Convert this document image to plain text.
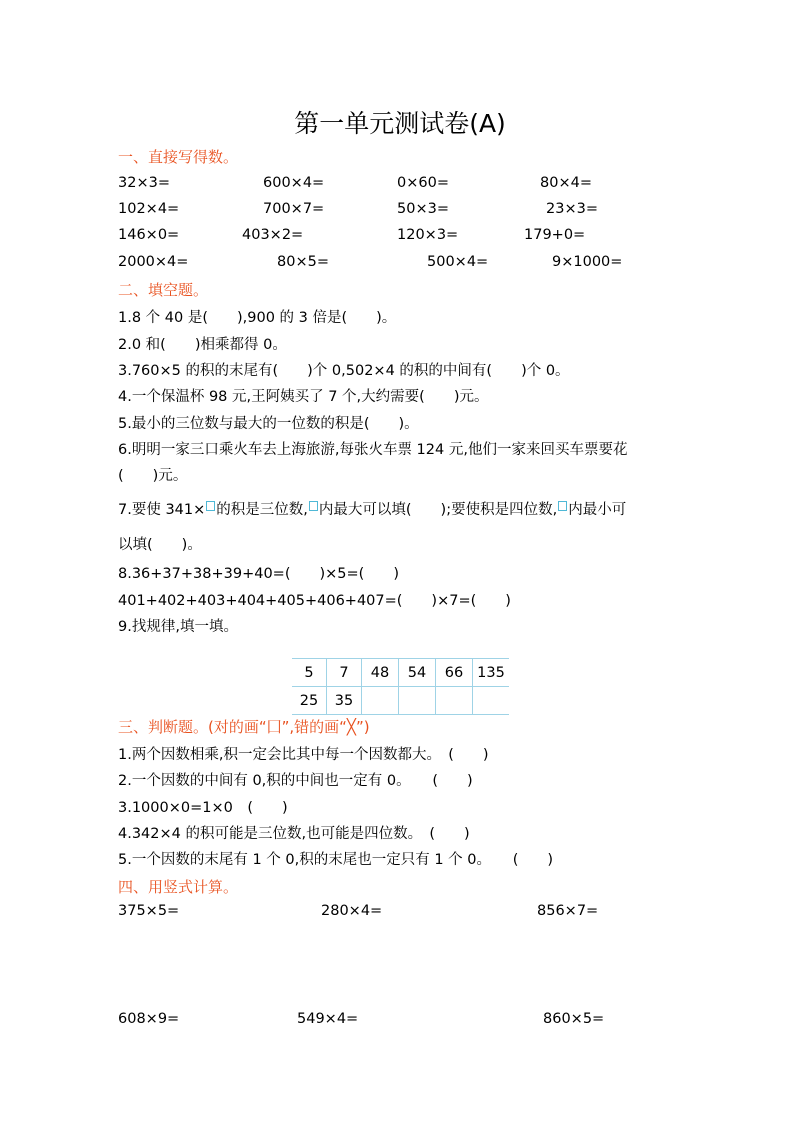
第一单元测试卷(A)
一、直接写得数。
32×3=	600×4=	0×60=	80×4=
102×4=	700×7=	50×3=	23×3=
146×0=	403×2=	120×3=	179+0=
2000×4=	80×5=	500×4=	9×1000=
二、填空题。
1.8 个 40 是(　　),900 的 3 倍是(　　)。
2.0 和(　　)相乘都得 0。
3.760×5 的积的末尾有(　　)个 0,502×4 的积的中间有(　　)个 0。
4.一个保温杯 98 元,王阿姨买了 7 个,大约需要(　　)元。
5.最小的三位数与最大的一位数的积是(　　)。
6.明明一家三口乘火车去上海旅游,每张火车票 124 元,他们一家来回买车票要花
(　　)元。
7.要使 341× 的积是三位数, 内最大可以填(　　);要使积是四位数, 内最小可
以填(　　)。
8.36+37+38+39+40=(　　)×5=(　　)
401+402+403+404+405+406+407=(　　)×7=(　　)
9.找规律,填一填。
5	7	48	54	66	135
25	35				
三、判断题。(对的画“囗”,错的画“╳”)
1.两个因数相乘,积一定会比其中每一个因数都大。　(　　)
2.一个因数的中间有 0,积的中间也一定有 0。　　(　　)
3.1000×0=1×0　(　　)
4.342×4 的积可能是三位数,也可能是四位数。　(　　)
5.一个因数的末尾有 1 个 0,积的末尾也一定只有 1 个 0。　　(　　)
四、用竖式计算。
375×5=	280×4=	856×7=
608×9=	549×4=	860×5=
